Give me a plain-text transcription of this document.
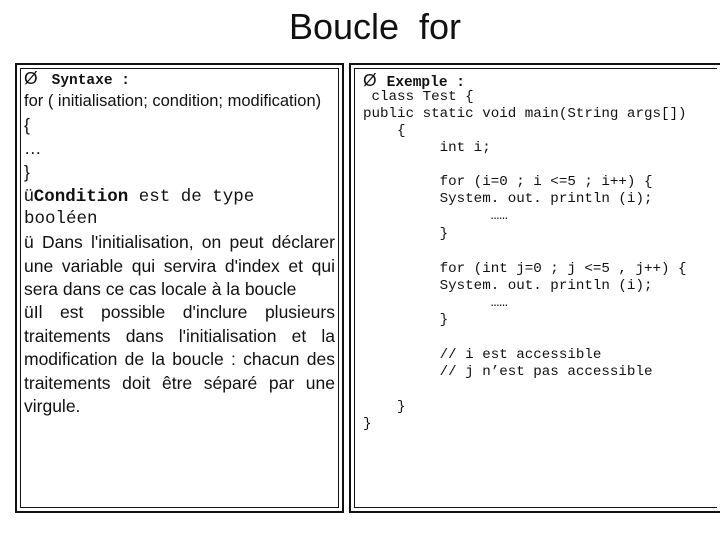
Boucle  for
Ø Syntaxe :
for ( initialisation; condition; modification)
{
…
}
üCondition est de type
booléen
ü Dans l'initialisation, on peut déclarer une variable qui servira d'index et qui sera dans ce cas locale à la boucle
üIl est possible d'inclure plusieurs traitements dans l'initialisation et la modification de la boucle : chacun des traitements doit être séparé par une virgule.
Ø Exemple :
class Test {
public static void main(String args[])
{
int i;
for (i=0 ; i <=5 ; i++) {
System. out. println (i);
……
}
for (int j=0 ; j <=5 , j++) {
System. out. println (i);
……
}
// i est accessible
// j n’est pas accessible
}
}
